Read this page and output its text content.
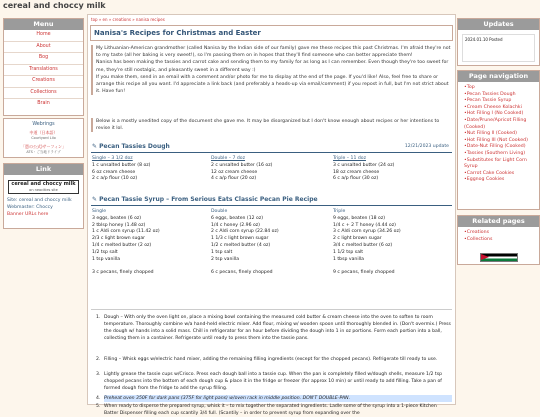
cereal and choccy milk
Menu
Home
About
Bog
Translations
Creations
Collections
Brain
Webrings
中道（日本語）
Courtyard Lilo
「愚の公式)サーフィン」
ATS・ご当地ドライブ
Link
cereal and choccy milk
on neocities site
Site: cereal and choccy milk
Webmaster: Choccy
Banner URLs here
top » en » creations » nanisa recipes
Nanisa's Recipes for Christmas and Easter
My Lithuanian-American grandmother (called Nanisa by the Indian side of our family) gave me these recipes this past Christmas. I'm afraid they're not to my taste (all her baking is very sweet!), so I'm passing them on in hopes that they'll find someone who can better appreciate them!
Nanisa has been making the tassies and carrot cake and sending them to my family for as long as I can remember. Even though they're too sweet for me, they're still nostalgic, and pleasantly sweet in a different way :)
If you make them, send in an email with a comment and/or photo for me to display at the end of the page. If you'd like! Also, feel free to share or arrange this recipe all you want. I'd appreciate a link back (and preferably a heads-up via email/comment) if you repost in full, but I'm not strict about it. Have fun!
Below is a mostly unedited copy of the document she gave me. It may be disorganized but I don't know enough about recipes or her intentions to revise it lol.
✎ Pecan Tassies Dough	12/21/2023 update
Single – 3 1/2 doz
1 c unsalted butter (8 oz)
6 oz cream cheese
2 c a/p flour (10 oz)
Double – 7 doz
2 c unsalted butter (16 oz)
12 oz cream cheese
4 c a/p flour (20 oz)
Triple – 11 doz
3 c unsalted butter (24 oz)
18 oz cream cheese
6 c a/p flour (30 oz)
✎ Pecan Tassie Syrup – From Serious Eats Classic Pecan Pie Recipe
Single
3 eggs, beaten (6 oz)
2 tblsp honey (1.48 oz)
1 c Aldi corn syrup (11.42 oz)
2/3 c light brown sugar
1/4 c melted butter (2 oz)
1/2 tsp salt
1 tsp vanilla
3 c pecans, finely chopped
Double
6 eggs, beaten (12 oz)
1/4 c honey (2.96 oz)
2 c Aldi corn syrup (22.84 oz)
1 1/3 c light brown sugar
1/2 c melted butter (4 oz)
1 tsp salt
2 tsp vanilla
6 c pecans, finely chopped
Triple
9 eggs, beaten (18 oz)
1/4 c + 2 T honey (4.44 oz)
3 c Aldi corn syrup (34.26 oz)
2 c light brown sugar
3/4 c melted butter (6 oz)
1 1/2 tsp salt
1 tbsp vanilla
9 c pecans, finely chopped
1. Dough – With only the oven light on, place a mixing bowl containing the measured cold butter & cream cheese into the oven to soften to room temperature. Thoroughly combine w/a hand-held electric mixer. Add flour, mixing w/ wooden spoon until thoroughly blended in. (Don't overmix.) Press the dough w/ hands into a solid mass. Chill in refrigerator for an hour before dividing the dough into 1 in oz portions. Form each portion into a ball, collecting them in a container. Refrigerate until ready to press them into the tassie pans.
2. Filling – Whisk eggs w/electric hand mixer, adding the remaining filling ingredients (except for the chopped pecans). Refrigerate till ready to use.
3. Lightly grease the tassie cups w/Crisco. Press each dough ball into a tassie cup. When the pan is completely filled w/dough shells, measure 1/2 tsp chopped pecans into the bottom of each dough cup & place it in the fridge or freezer (for approx 10 min) or until ready to add filling. Take a pan of formed dough from the fridge to add the syrup filling.
4. Preheat oven 350F for dark pans (375F for light pans) w/oven rack in middle position. DON'T DOUBLE-PAN.
5. When ready to disperse the prepared syrup, whisk it – to mix together the separated ingredients. Ladle some of the syrup into a 1-piece Kitchen Batter Dispenser filling each cup scantily 3/4 full. (Scantily – in order to prevent syrup from expanding over the
Updates
2024.01.10 Posted
Page navigation
• Top
• Pecan Tassies Dough
• Pecan Tassie Syrup
• Cream Cheese Kolachki
• Hot Filling I (No Cooked)
• Date/Prune/Apricot Filling (Cooked)
• Nut Filling II (Cooked)
• Hot Filling III (Not Cooked)
• Date-Nut Filling (Cooked)
• Tassies (Southern Living)
• Substitutes for Light Corn Syrup
• Carrot Cake Cookies
• Eggnog Cookies
Related pages
• Creations
• Collections
